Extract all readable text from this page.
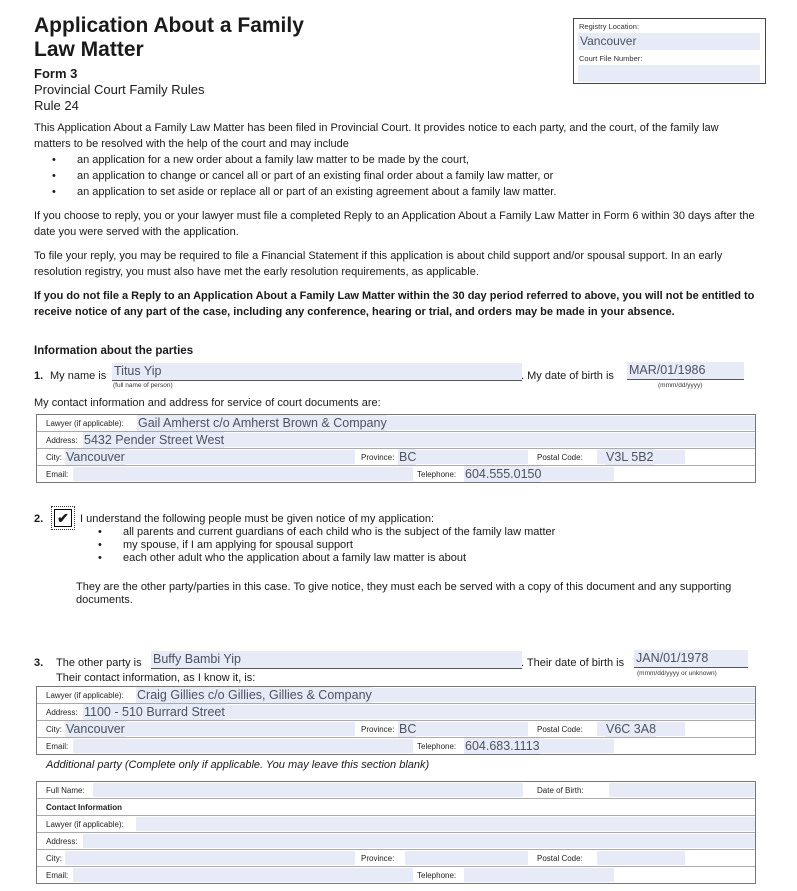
Application About a Family Law Matter
Form 3
Provincial Court Family Rules
Rule 24
Registry Location:
Vancouver
Court File Number:
This Application About a Family Law Matter has been filed in Provincial Court. It provides notice to each party, and the court, of the family law matters to be resolved with the help of the court and may include
• an application for a new order about a family law matter to be made by the court,
• an application to change or cancel all or part of an existing final order about a family law matter, or
• an application to set aside or replace all or part of an existing agreement about a family law matter.
If you choose to reply, you or your lawyer must file a completed Reply to an Application About a Family Law Matter in Form 6 within 30 days after the date you were served with the application.
To file your reply, you may be required to file a Financial Statement if this application is about child support and/or spousal support. In an early resolution registry, you must also have met the early resolution requirements, as applicable.
If you do not file a Reply to an Application About a Family Law Matter within the 30 day period referred to above, you will not be entitled to receive notice of any part of the case, including any conference, hearing or trial, and orders may be made in your absence.
Information about the parties
1. My name is Titus Yip
(full name of person)
. My date of birth is MAR/01/1986
(mmm/dd/yyyy)
My contact information and address for service of court documents are:
Lawyer (if applicable): Gail Amherst c/o Amherst Brown & Company
Address: 5432 Pender Street West
City: Vancouver	Province: BC	Postal Code: V3L 5B2
Email:	Telephone: 604.555.0150
2. ✔ I understand the following people must be given notice of my application:
• all parents and current guardians of each child who is the subject of the family law matter
• my spouse, if I am applying for spousal support
• each other adult who the application about a family law matter is about
They are the other party/parties in this case. To give notice, they must each be served with a copy of this document and any supporting documents.
3. The other party is Buffy Bambi Yip	. Their date of birth is JAN/01/1978
(mmm/dd/yyyy or unknown)
Their contact information, as I know it, is:
Lawyer (if applicable): Craig Gillies c/o Gillies, Gillies & Company
Address: 1100 - 510 Burrard Street
City: Vancouver	Province: BC	Postal Code: V6C 3A8
Email:	Telephone: 604.683.1113
Additional party (Complete only if applicable. You may leave this section blank)
Full Name:	Date of Birth:
Contact Information
Lawyer (if applicable):
Address:
City:	Province:	Postal Code:
Email:	Telephone:
